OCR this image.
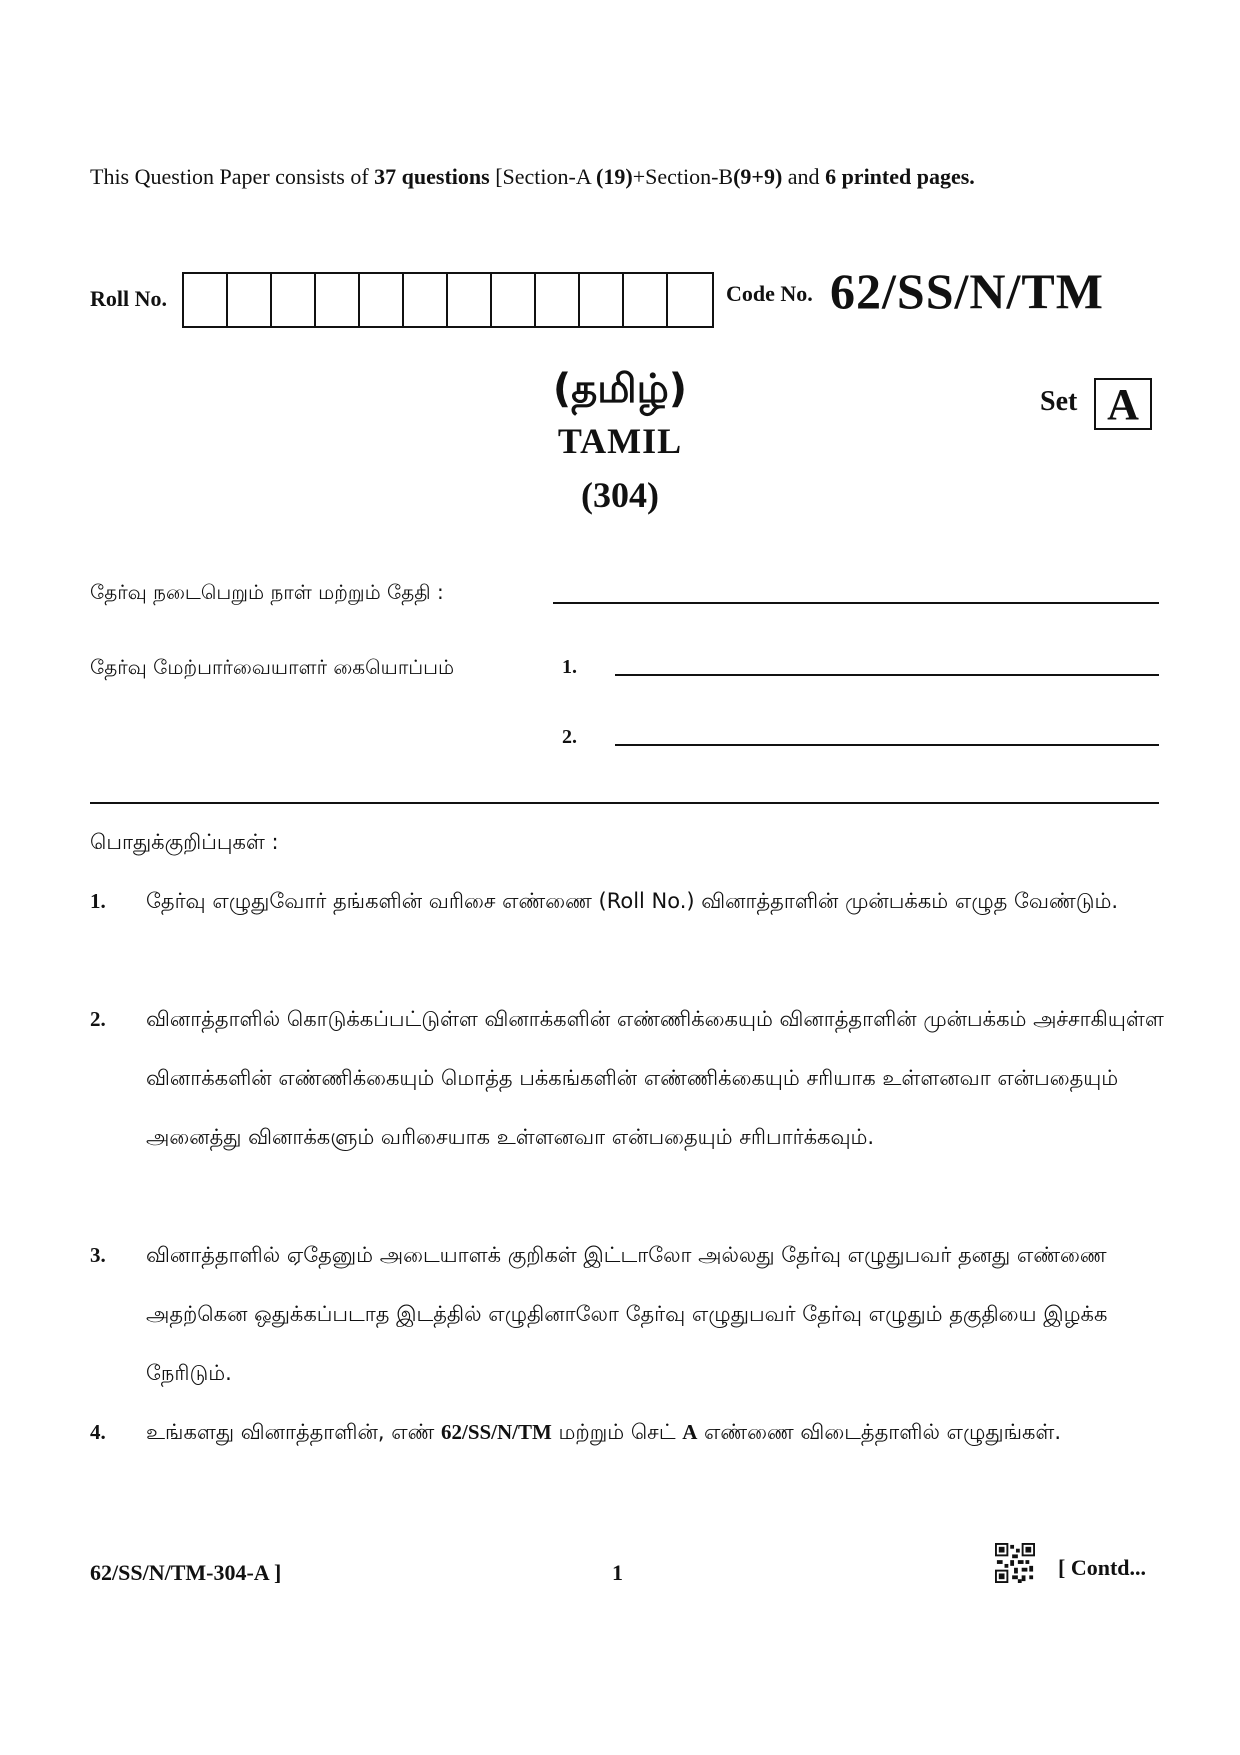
This Question Paper consists of 37 questions [Section-A (19)+Section-B(9+9) and 6 printed pages.
Roll No.	Code No. 62/SS/N/TM
(தமிழ்)
TAMIL
(304)
Set A
தேர்வு நடைபெறும் நாள் மற்றும் தேதி :
தேர்வு மேற்பார்வையாளர் கையொப்பம்	1.
2.
பொதுக்குறிப்புகள் :
1. தேர்வு எழுதுவோர் தங்களின் வரிசை எண்ணை (Roll No.) வினாத்தாளின் முன்பக்கம் எழுத வேண்டும்.
2. வினாத்தாளில் கொடுக்கப்பட்டுள்ள வினாக்களின் எண்ணிக்கையும் வினாத்தாளின் முன்பக்கம் அச்சாகியுள்ள வினாக்களின் எண்ணிக்கையும் மொத்த பக்கங்களின் எண்ணிக்கையும் சரியாக உள்ளனவா என்பதையும் அனைத்து வினாக்களும் வரிசையாக உள்ளனவா என்பதையும் சரிபார்க்கவும்.
3. வினாத்தாளில் ஏதேனும் அடையாளக் குறிகள் இட்டாலோ அல்லது தேர்வு எழுதுபவர் தனது எண்ணை அதற்கென ஒதுக்கப்படாத இடத்தில் எழுதினாலோ தேர்வு எழுதுபவர் தேர்வு எழுதும் தகுதியை இழக்க நேரிடும்.
4. உங்களது வினாத்தாளின், எண் 62/SS/N/TM மற்றும் செட் A எண்ணை விடைத்தாளில் எழுதுங்கள்.
62/SS/N/TM-304-A ]	1	[ Contd...
